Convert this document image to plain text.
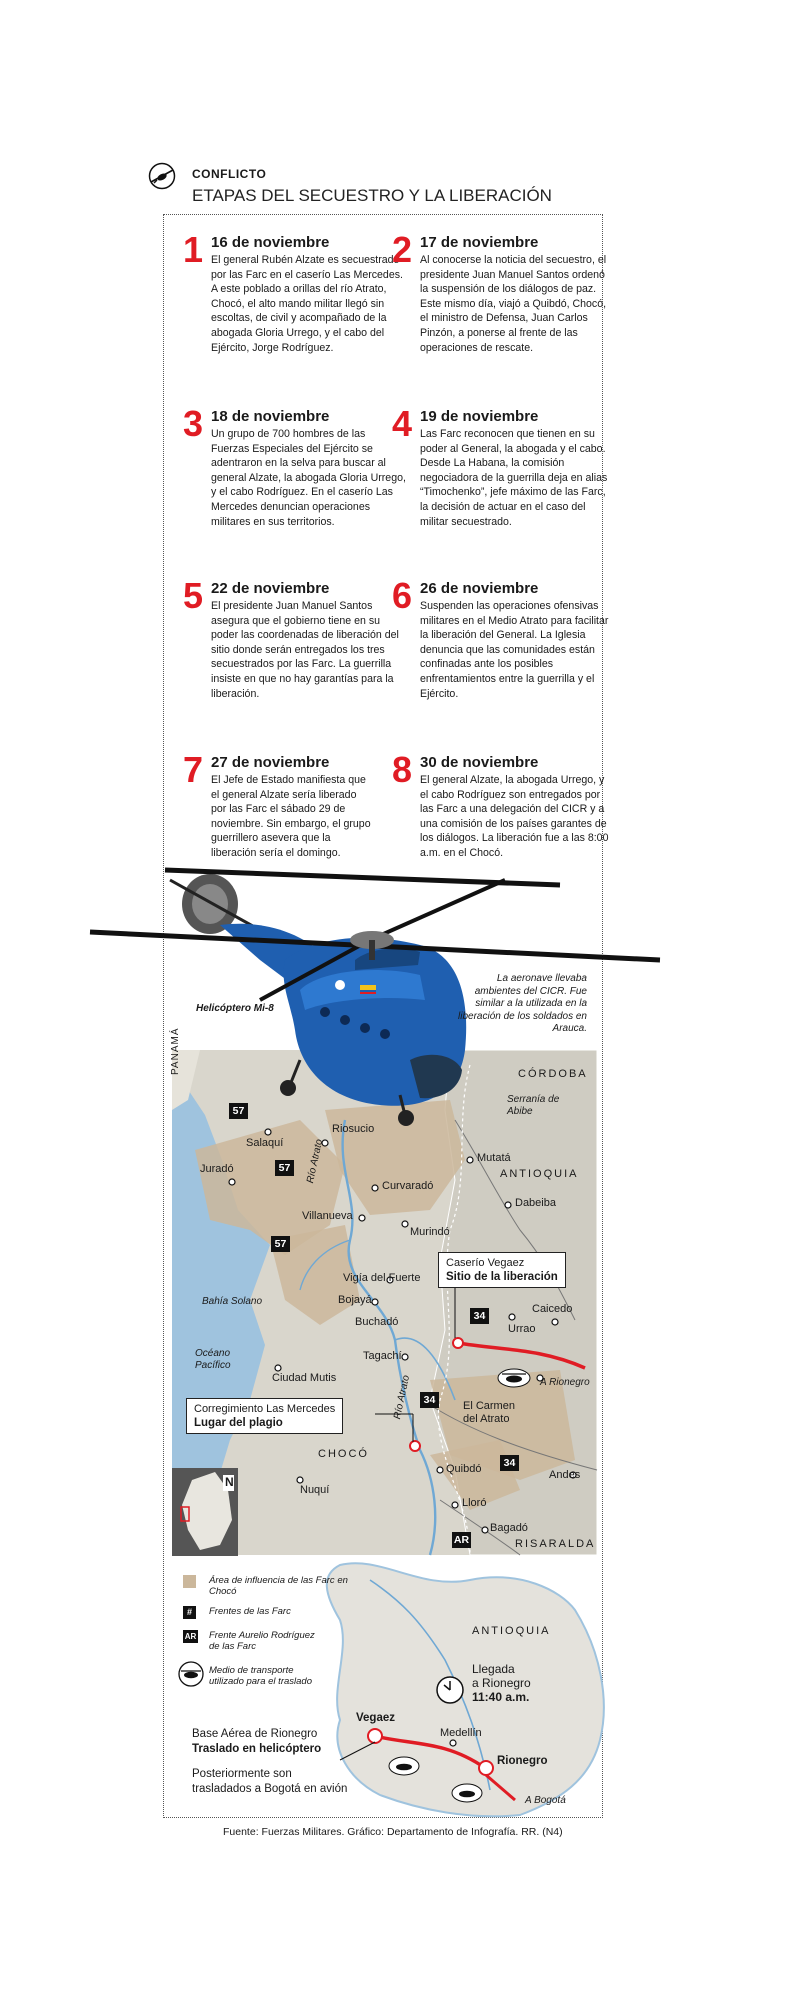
CONFLICTO
ETAPAS DEL SECUESTRO Y LA LIBERACIÓN
1 16 de noviembre
El general Rubén Alzate es secuestrado por las Farc en el caserío Las Mercedes. A este poblado a orillas del río Atrato, Chocó, el alto mando militar llegó sin escoltas, de civil y acompañado de la abogada Gloria Urrego, y el cabo del Ejército, Jorge Rodríguez.
2 17 de noviembre
Al conocerse la noticia del secuestro, el presidente Juan Manuel Santos ordenó la suspensión de los diálogos de paz. Este mismo día, viajó a Quibdó, Chocó, el ministro de Defensa, Juan Carlos Pinzón, a ponerse al frente de las operaciones de rescate.
3 18 de noviembre
Un grupo de 700 hombres de las Fuerzas Especiales del Ejército se adentraron en la selva para buscar al general Alzate, la abogada Gloria Urrego, y el cabo Rodríguez. En el caserío Las Mercedes denuncian operaciones militares en sus territorios.
4 19 de noviembre
Las Farc reconocen que tienen en su poder al General, la abogada y el cabo. Desde La Habana, la comisión negociadora de la guerrilla deja en alias “Timochenko”, jefe máximo de las Farc, la decisión de actuar en el caso del militar secuestrado.
5 22 de noviembre
El presidente Juan Manuel Santos asegura que el gobierno tiene en su poder las coordenadas de liberación del sitio donde serán entregados los tres secuestrados por las Farc. La guerrilla insiste en que no hay garantías para la liberación.
6 26 de noviembre
Suspenden las operaciones ofensivas militares en el Medio Atrato para facilitar la liberación del General. La Iglesia denuncia que las comunidades están confinadas ante los posibles enfrentamientos entre la guerrilla y el Ejército.
7 27 de noviembre
El Jefe de Estado manifiesta que el general Alzate sería liberado por las Farc el sábado 29 de noviembre. Sin embargo, el grupo guerrillero asevera que la liberación sería el domingo.
8 30 de noviembre
El general Alzate, la abogada Urrego, y el cabo Rodríguez son entregados por las Farc a una delegación del CICR y a una comisión de los países garantes de los diálogos. La liberación fue a las 8:00 a.m. en el Chocó.
Helicóptero Mi-8
La aeronave llevaba ambientes del CICR. Fue similar a la utilizada en la liberación de los soldados en Arauca.
CÓRDOBA
ANTIOQUIA
CHOCÓ
RISARALDA
PANAMÁ
Serranía de Abibe
Bahía Solano
Océano Pacífico
Río Atrato
Río Atrato
Salaquí
Riosucio
Juradó
Curvaradó
Mutatá
Dabeiba
Villanueva
Murindó
Vigía del Fuerte
Bojayá
Buchadó
Tagachí
Urrao
Caicedo
Ciudad Mutis
El Carmen del Atrato
Quibdó
Lloró
Bagadó
Nuquí
Andes
57
57
57
34
34
34
AR
Caserío Vegaez
Sitio de la liberación
Corregimiento Las Mercedes
Lugar del plagio
A Rionegro
N
Área de influencia de las Farc en Chocó
#	Frentes de las Farc
AR Frente Aurelio Rodríguez de las Farc
Medio de transporte utilizado para el traslado
ANTIOQUIA
Llegada
a Rionegro
11:40 a.m.
Vegaez
Medellín
Rionegro
A Bogotá
Base Aérea de Rionegro
Traslado en helicóptero
Posteriormente son
trasladados a Bogotá en avión
Fuente: Fuerzas Militares. Gráfico: Departamento de Infografía. RR. (N4)
